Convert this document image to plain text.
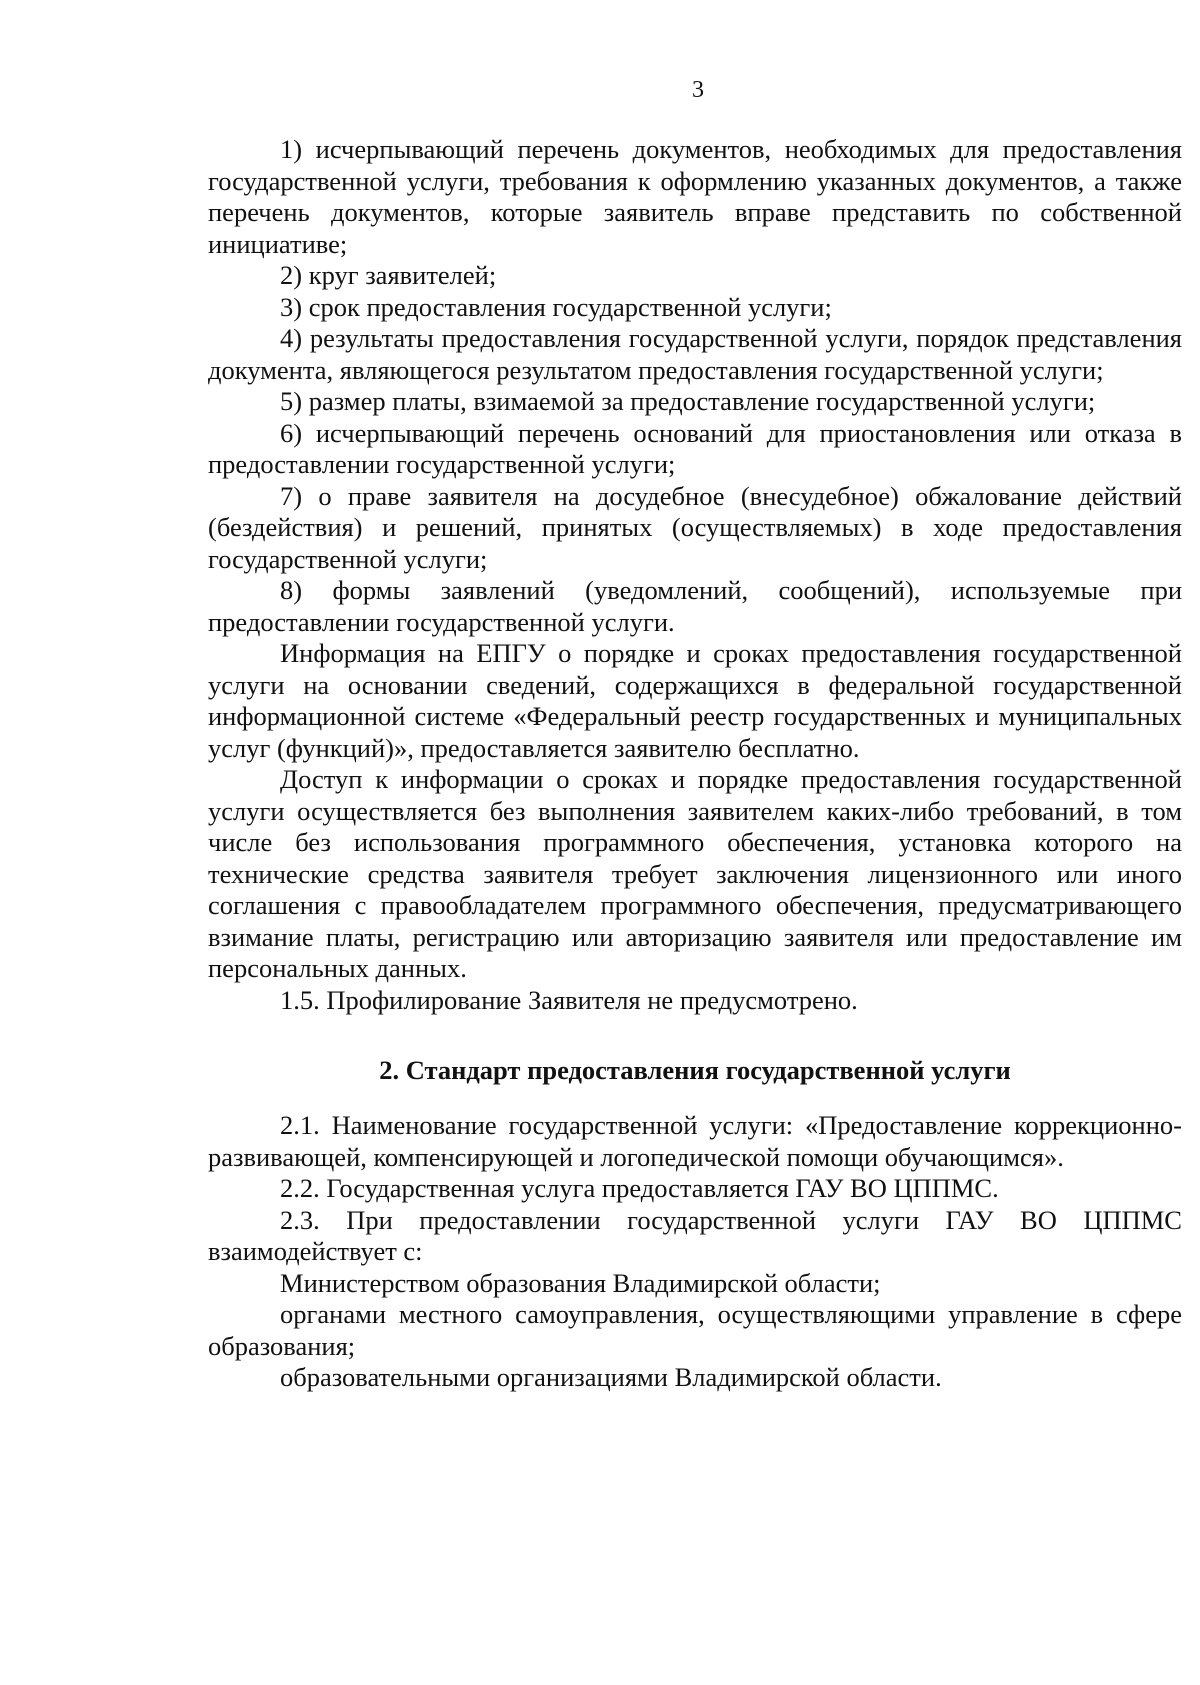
3

1) исчерпывающий перечень документов, необходимых для предоставления государственной услуги, требования к оформлению указанных документов, а также перечень документов, которые заявитель вправе представить по собственной инициативе;

2) круг заявителей;

3) срок предоставления государственной услуги;

4) результаты предоставления государственной услуги, порядок представления документа, являющегося результатом предоставления государственной услуги;

5) размер платы, взимаемой за предоставление государственной услуги;

6) исчерпывающий перечень оснований для приостановления или отказа в предоставлении государственной услуги;

7) о праве заявителя на досудебное (внесудебное) обжалование действий (бездействия) и решений, принятых (осуществляемых) в ходе предоставления государственной услуги;

8) формы заявлений (уведомлений, сообщений), используемые при предоставлении государственной услуги.

Информация на ЕПГУ о порядке и сроках предоставления государственной услуги на основании сведений, содержащихся в федеральной государственной информационной системе «Федеральный реестр государственных и муниципальных услуг (функций)», предоставляется заявителю бесплатно.

Доступ к информации о сроках и порядке предоставления государственной услуги осуществляется без выполнения заявителем каких-либо требований, в том числе без использования программного обеспечения, установка которого на технические средства заявителя требует заключения лицензионного или иного соглашения с правообладателем программного обеспечения, предусматривающего взимание платы, регистрацию или авторизацию заявителя или предоставление им персональных данных.

1.5. Профилирование Заявителя не предусмотрено.

2. Стандарт предоставления государственной услуги

2.1. Наименование государственной услуги: «Предоставление коррекционно-развивающей, компенсирующей и логопедической помощи обучающимся».

2.2. Государственная услуга предоставляется ГАУ ВО ЦППМС.

2.3. При предоставлении государственной услуги ГАУ ВО ЦППМС взаимодействует с:

Министерством образования Владимирской области;

органами местного самоуправления, осуществляющими управление в сфере образования;

образовательными организациями Владимирской области.
